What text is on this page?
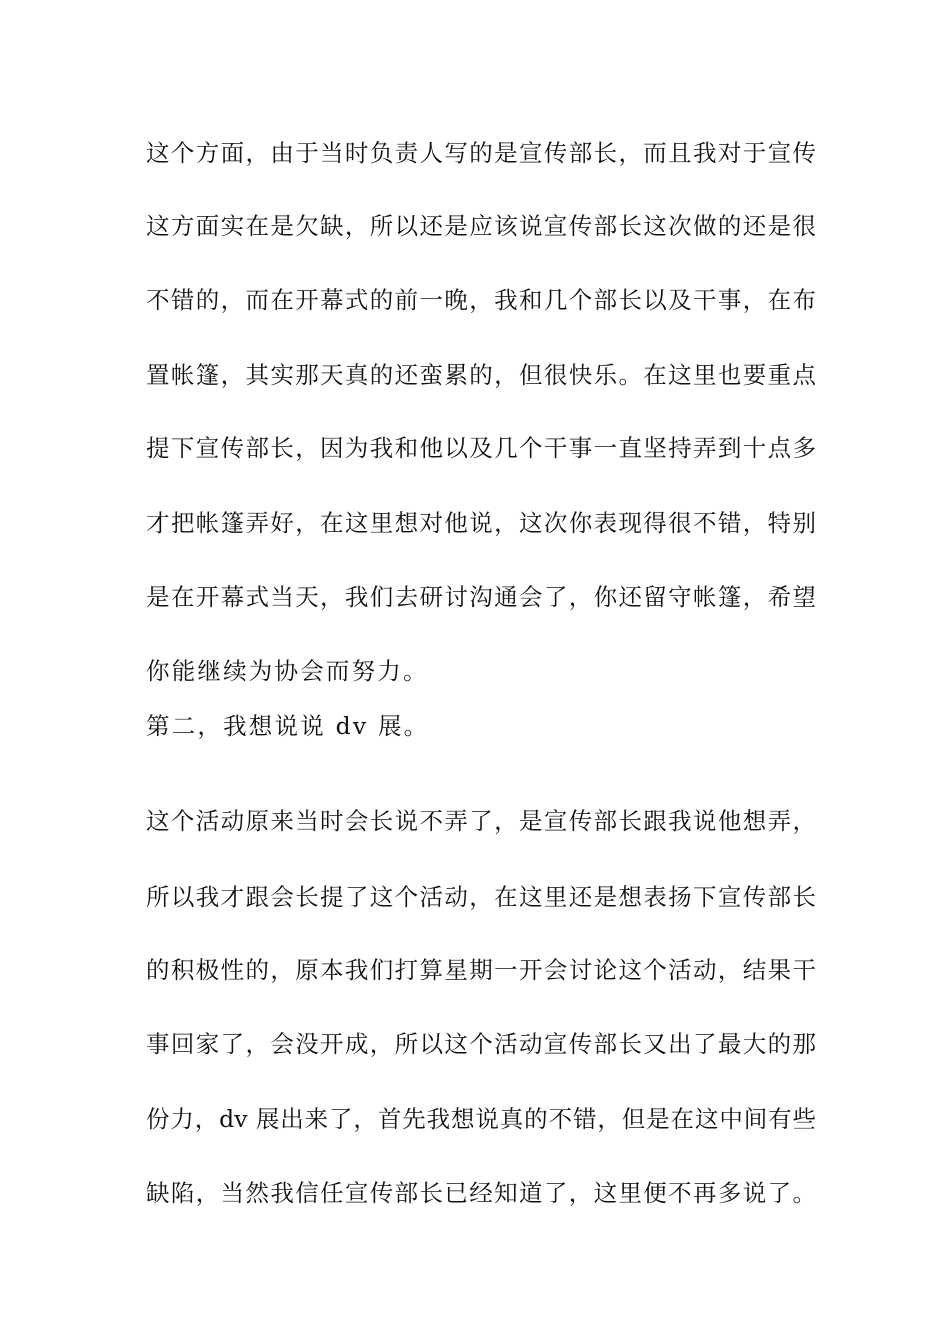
这个方面，由于当时负责人写的是宣传部长，而且我对于宣传
这方面实在是欠缺，所以还是应该说宣传部长这次做的还是很
不错的，而在开幕式的前一晚，我和几个部长以及干事，在布
置帐篷，其实那天真的还蛮累的，但很快乐。在这里也要重点
提下宣传部长，因为我和他以及几个干事一直坚持弄到十点多
才把帐篷弄好，在这里想对他说，这次你表现得很不错，特别
是在开幕式当天，我们去研讨沟通会了，你还留守帐篷，希望
你能继续为协会而努力。
第二，我想说说 dv 展。
这个活动原来当时会长说不弄了，是宣传部长跟我说他想弄，
所以我才跟会长提了这个活动，在这里还是想表扬下宣传部长
的积极性的，原本我们打算星期一开会讨论这个活动，结果干
事回家了，会没开成，所以这个活动宣传部长又出了最大的那
份力，dv 展出来了，首先我想说真的不错，但是在这中间有些
缺陷，当然我信任宣传部长已经知道了，这里便不再多说了。
